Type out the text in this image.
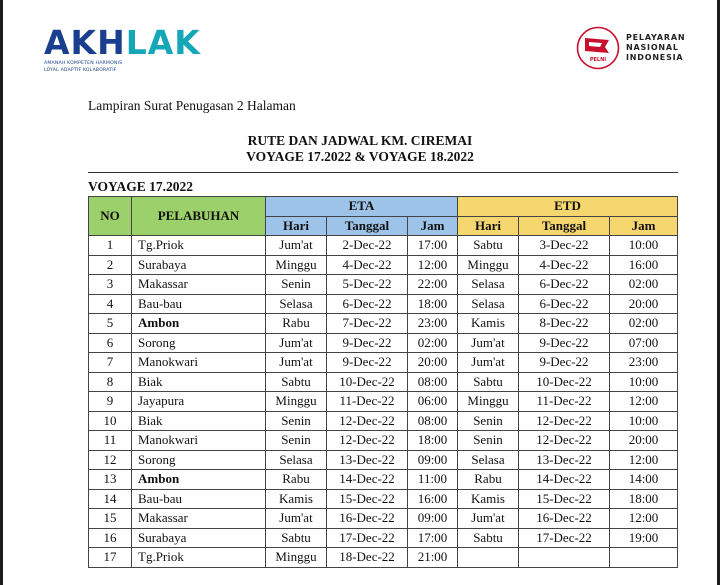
AKHLAK
AMANAH KOMPETEN HARMONIS
LOYAL ADAPTIF KOLABORATIF
PELNI
PELAYARAN
NASIONAL
INDONESIA
Lampiran Surat Penugasan 2 Halaman
RUTE DAN JADWAL KM. CIREMAI
VOYAGE 17.2022 & VOYAGE 18.2022
VOYAGE 17.2022
NO	PELABUHAN	ETA			ETD		
		Hari	Tanggal	Jam	Hari	Tanggal	Jam
1	Tg.Priok	Jum'at	2-Dec-22	17:00	Sabtu	3-Dec-22	10:00
2	Surabaya	Minggu	4-Dec-22	12:00	Minggu	4-Dec-22	16:00
3	Makassar	Senin	5-Dec-22	22:00	Selasa	6-Dec-22	02:00
4	Bau-bau	Selasa	6-Dec-22	18:00	Selasa	6-Dec-22	20:00
5	Ambon	Rabu	7-Dec-22	23:00	Kamis	8-Dec-22	02:00
6	Sorong	Jum'at	9-Dec-22	02:00	Jum'at	9-Dec-22	07:00
7	Manokwari	Jum'at	9-Dec-22	20:00	Jum'at	9-Dec-22	23:00
8	Biak	Sabtu	10-Dec-22	08:00	Sabtu	10-Dec-22	10:00
9	Jayapura	Minggu	11-Dec-22	06:00	Minggu	11-Dec-22	12:00
10	Biak	Senin	12-Dec-22	08:00	Senin	12-Dec-22	10:00
11	Manokwari	Senin	12-Dec-22	18:00	Senin	12-Dec-22	20:00
12	Sorong	Selasa	13-Dec-22	09:00	Selasa	13-Dec-22	12:00
13	Ambon	Rabu	14-Dec-22	11:00	Rabu	14-Dec-22	14:00
14	Bau-bau	Kamis	15-Dec-22	16:00	Kamis	15-Dec-22	18:00
15	Makassar	Jum'at	16-Dec-22	09:00	Jum'at	16-Dec-22	12:00
16	Surabaya	Sabtu	17-Dec-22	17:00	Sabtu	17-Dec-22	19:00
17	Tg.Priok	Minggu	18-Dec-22	21:00			
